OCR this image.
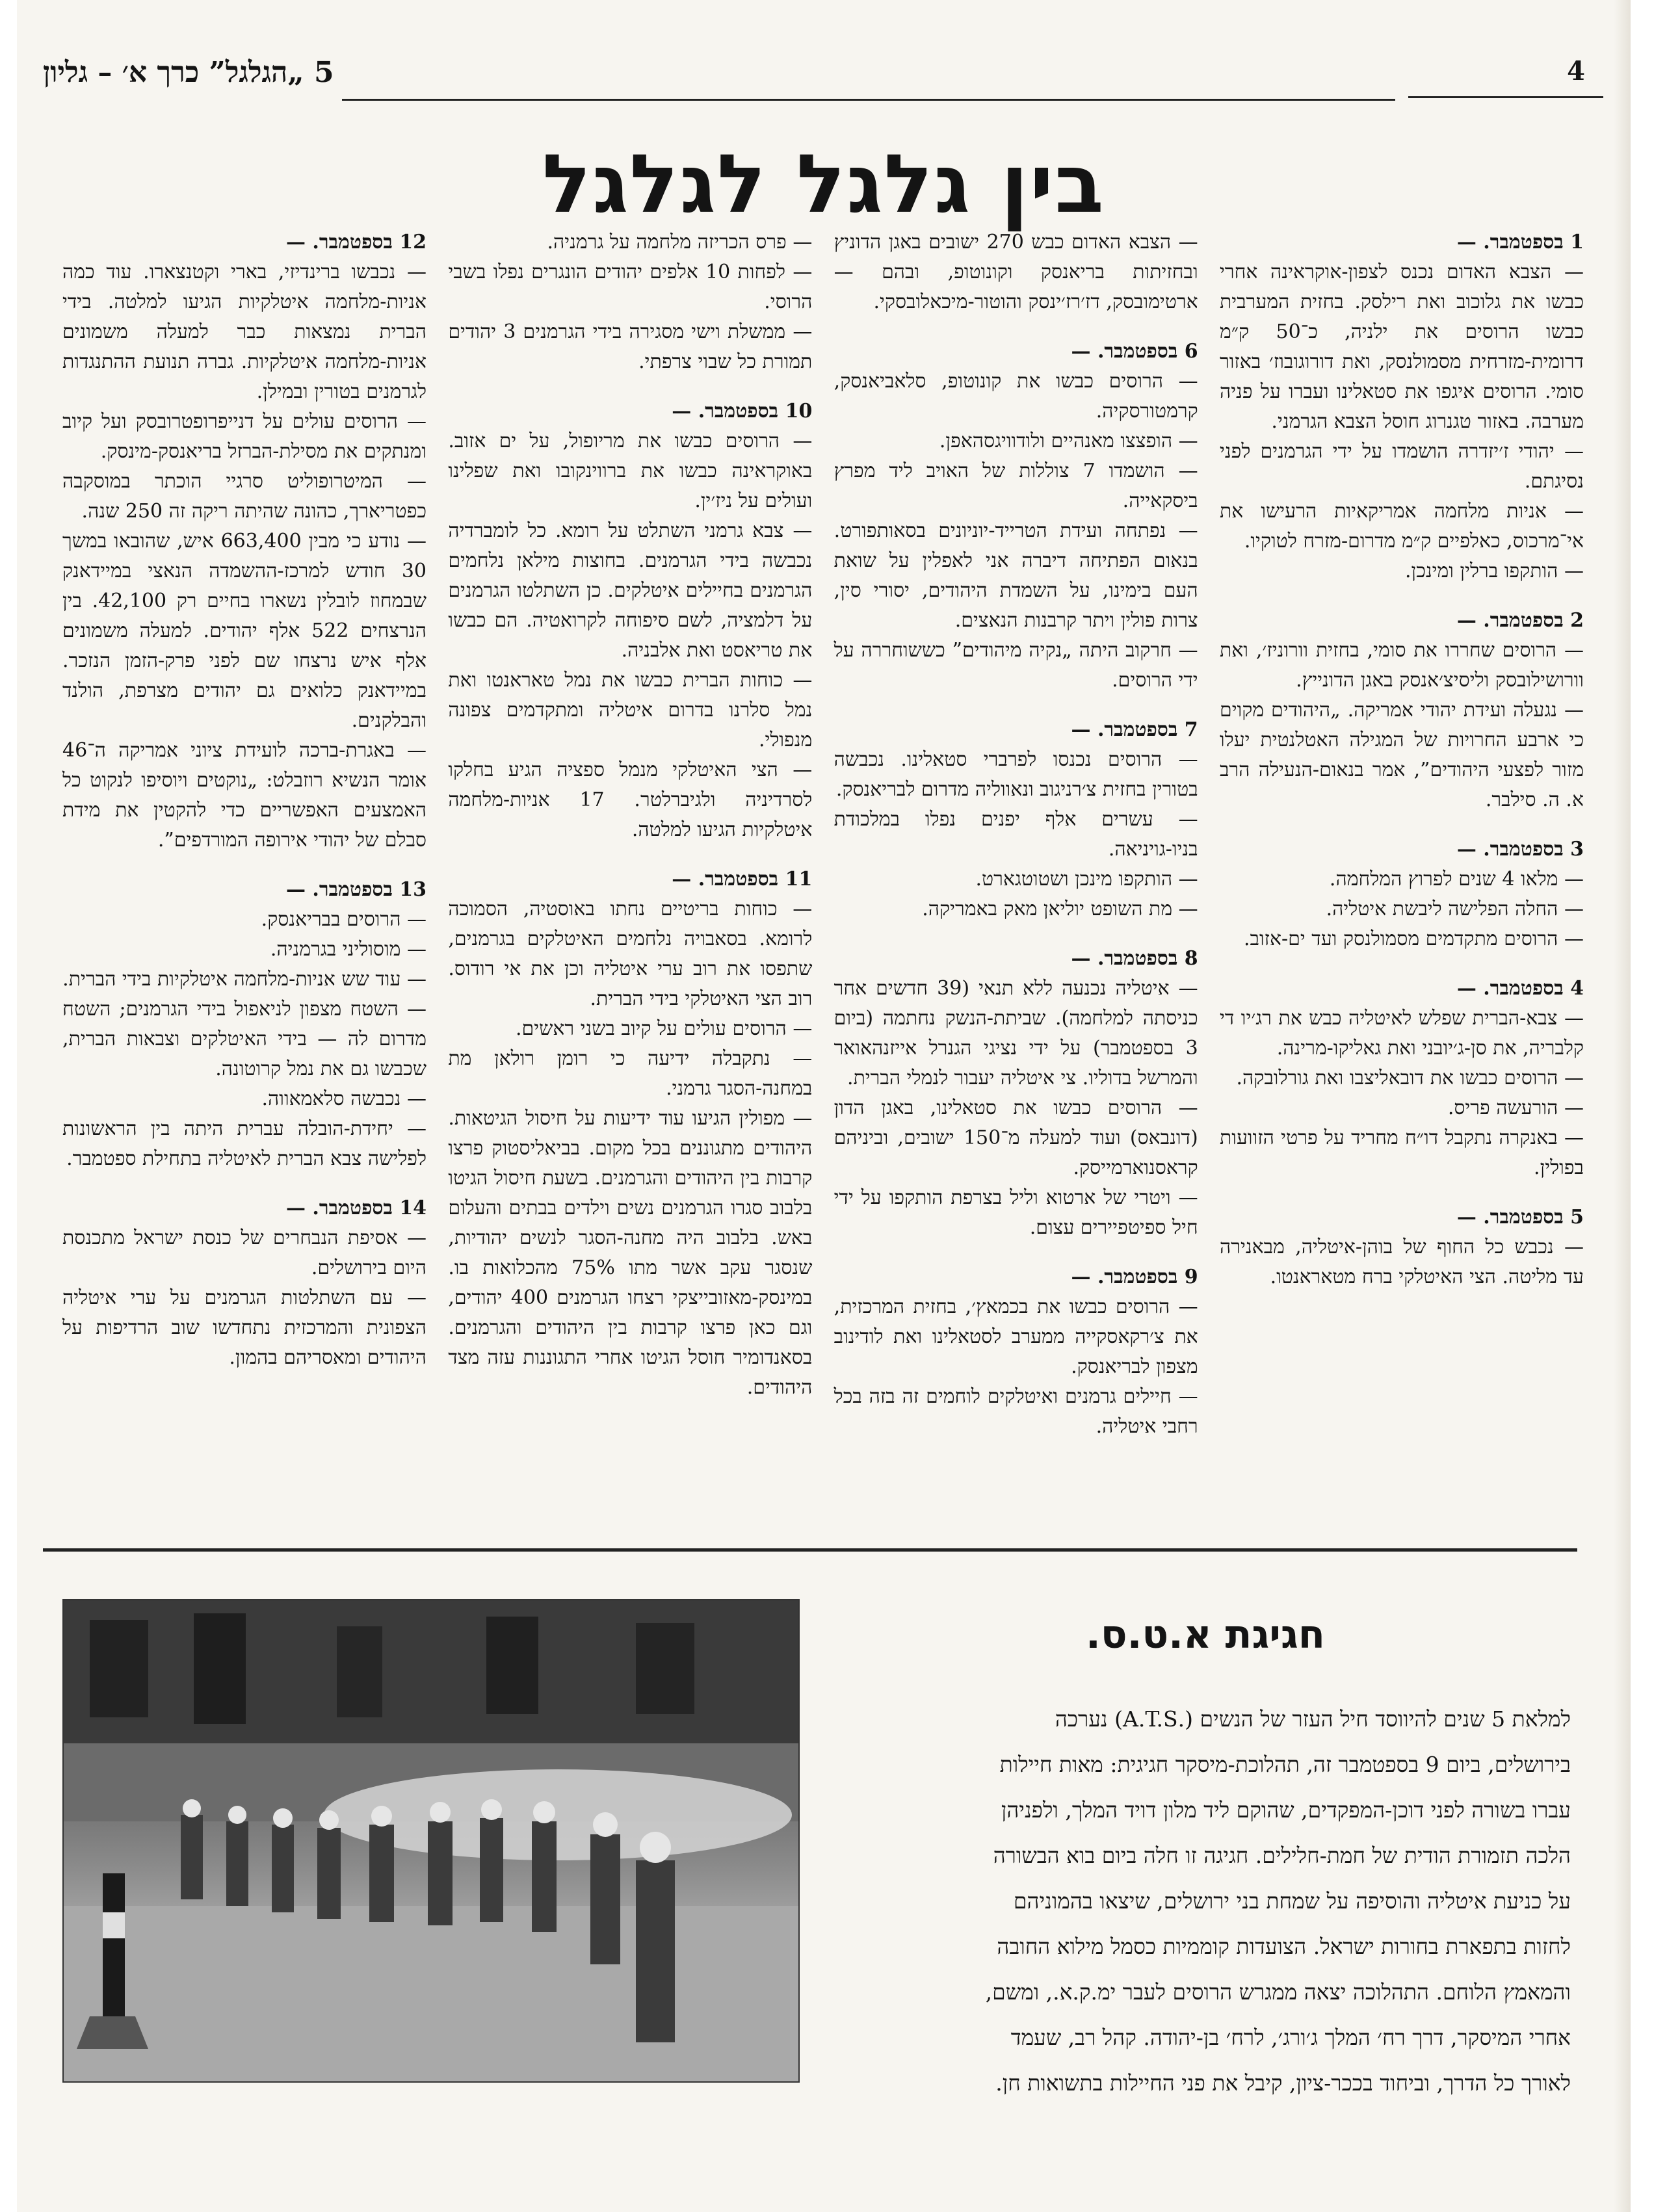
5 „הגלגל” כרך א׳ – גליון	4
בין גלגל לגלגל

1 בספטמבר. —

— הצבא האדום נכנס לצפון-אוקראינה אחרי כבשו את גלוכוב ואת רילסק. בחזית המערבית כבשו הרוסים את ילניה, כ־50 ק״מ דרומית-מזרחית מסמולנסק, ואת דורוגובוז׳ באזור סומי. הרוסים איגפו את סטאלינו ועברו על פניה מערבה. באזור טגנרוג חוסל הצבא הגרמני.

— יהודי ז׳יזדרה הושמדו על ידי הגרמנים לפני נסיגתם.

— אניות מלחמה אמריקאיות הרעישו את אי־מרכוס, כאלפיים ק״מ מדרום-מזרח לטוקיו.

— הותקפו ברלין ומינכן.

2 בספטמבר. —

— הרוסים שחררו את סומי, בחזית וורוניז׳, ואת וורושילובסק וליסיצ׳אנסק באגן הדונייץ.

— נגעלה ועידת יהודי אמריקה. „היהודים מקוים כי ארבע החרויות של המגילה האטלנטית יעלו מזור לפצעי היהודים”, אמר בנאום-הנעילה הרב א. ה. סילבר.

3 בספטמבר. —

— מלאו 4 שנים לפרוץ המלחמה.

— החלה הפלישה ליבשת איטליה.

— הרוסים מתקדמים מסמולנסק ועד ים-אזוב.

4 בספטמבר. —

— צבא-הברית שפלש לאיטליה כבש את רג׳יו די קלבריה, את סן-ג׳יובני ואת גאליקו-מרינה.

— הרוסים כבשו את דובאליצבו ואת גורלובקה.

— הורעשה פריס.

— באנקרה נתקבל דו״ח מחריד על פרטי הזוועות בפולין.

5 בספטמבר. —

— נכבש כל החוף של בוהן-איטליה, מבאנירה עד מליטה. הצי האיטלקי ברח מטאראנטו.

— הצבא האדום כבש 270 ישובים באגן הדוניץ ובחזיתות בריאנסק וקונוטופ, ובהם — ארטימובסק, דז׳רז׳ינסק והוטור-מיכאלובסקי.

6 בספטמבר. —

— הרוסים כבשו את קונוטופ, סלאביאנסק, קרמטורסקיה.

— הופצצו מאנהיים ולודוויגסהאפן.

— הושמדו 7 צוללות של האויב ליד מפרץ ביסקאייה.

— נפתחה ועידת הטרייד-יוניונים בסאותפורט. בנאום הפתיחה דיברה אני לאפלין על שואת העם בימינו, על השמדת היהודים, יסורי סין, צרות פולין ויתר קרבנות הנאצים.

— חרקוב היתה „נקיה מיהודים” כששוחררה על ידי הרוסים.

7 בספטמבר. —

— הרוסים נכנסו לפרברי סטאלינו. נכבשה בטורין בחזית צ׳רניגוב ונאווליה מדרום לבריאנסק.

— עשרים אלף יפנים נפלו במלכודת בניו-גויניאה.

— הותקפו מינכן ושטוטגארט.

— מת השופט יוליאן מאק באמריקה.

8 בספטמבר. —

— איטליה נכנעה ללא תנאי (39 חדשים אחר כניסתה למלחמה). שביתת-הנשק נחתמה (ביום 3 בספטמבר) על ידי נציגי הגנרל אייזנהאואר והמרשל בדוליו. צי איטליה יעבור לנמלי הברית.

— הרוסים כבשו את סטאלינו, באגן הדון (דונבאס) ועוד למעלה מ־150 ישובים, וביניהם קראסנוארמייסק.

— ויטרי של ארטוא וליל בצרפת הותקפו על ידי חיל ספיטפיירים עצום.

9 בספטמבר. —

— הרוסים כבשו את בכמאץ׳, בחזית המרכזית, את צ׳רקאסקייה ממערב לסטאלינו ואת לודינוב מצפון לבריאנסק.

— חיילים גרמנים ואיטלקים לוחמים זה בזה בכל רחבי איטליה.

— פרס הכריזה מלחמה על גרמניה.

— לפחות 10 אלפים יהודים הונגרים נפלו בשבי הרוסי.

— ממשלת וישי מסגירה בידי הגרמנים 3 יהודים תמורת כל שבוי צרפתי.

10 בספטמבר. —

— הרוסים כבשו את מריופול, על ים אזוב. באוקראינה כבשו את ברווינקובו ואת שפלינו ועולים על ניז׳ין.

— צבא גרמני השתלט על רומא. כל לומברדיה נכבשה בידי הגרמנים. בחוצות מילאן נלחמים הגרמנים בחיילים איטלקים. כן השתלטו הגרמנים על דלמציה, לשם סיפוחה לקרואטיה. הם כבשו את טריאסט ואת אלבניה.

— כוחות הברית כבשו את נמל טאראנטו ואת נמל סלרנו בדרום איטליה ומתקדמים צפונה מנפולי.

— הצי האיטלקי מנמל ספציה הגיע בחלקו לסרדיניה ולגיברלטר. 17 אניות-מלחמה איטלקיות הגיעו למלטה.

11 בספטמבר. —

— כוחות בריטיים נחתו באוסטיה, הסמוכה לרומא. בסאבויה נלחמים האיטלקים בגרמנים, שתפסו את רוב ערי איטליה וכן את אי רודוס. רוב הצי האיטלקי בידי הברית.

— הרוסים עולים על קיוב בשני ראשים.

— נתקבלה ידיעה כי רומן רולאן מת במחנה-הסגר גרמני.

— מפולין הגיעו עוד ידיעות על חיסול הגיטאות. היהודים מתגוננים בכל מקום. בביאליסטוק פרצו קרבות בין היהודים והגרמנים. בשעת חיסול הגיטו בלבוב סגרו הגרמנים נשים וילדים בבתים והעלום באש. בלבוב היה מחנה-הסגר לנשים יהודיות, שנסגר עקב אשר מתו 75% מהכלואות בו. במינסק-מאזובייצקי רצחו הגרמנים 400 יהודים, וגם כאן פרצו קרבות בין היהודים והגרמנים. בסאנדומיר חוסל הגיטו אחרי התגוננות עזה מצד היהודים.

12 בספטמבר. —

— נכבשו ברינדיזי, בארי וקטנצארו. עוד כמה אניות-מלחמה איטלקיות הגיעו למלטה. בידי הברית נמצאות כבר למעלה משמונים אניות-מלחמה איטלקיות. גברה תנועת ההתנגדות לגרמנים בטורין ובמילן.

— הרוסים עולים על דנייפרופטרובסק ועל קיוב ומנתקים את מסילת-הברזל בריאנסק-מינסק.

— המיטרופוליט סרגיי הוכתר במוסקבה כפטריארך, כהונה שהיתה ריקה זה 250 שנה.

— נודע כי מבין 663,400 איש, שהובאו במשך 30 חודש למרכז-ההשמדה הנאצי במיידאנק שבמחוז לובלין נשארו בחיים רק 42,100. בין הנרצחים 522 אלף יהודים. למעלה משמונים אלף איש נרצחו שם לפני פרק-הזמן הנזכר. במיידאנק כלואים גם יהודים מצרפת, הולנד והבלקנים.

— באגרת-ברכה לועידת ציוני אמריקה ה־46 אומר הנשיא רוזבלט: „נוקטים ויוסיפו לנקוט כל האמצעים האפשריים כדי להקטין את מידת סבלם של יהודי אירופה המורדפים”.

13 בספטמבר. —

— הרוסים בבריאנסק.

— מוסוליני בגרמניה.

— עוד שש אניות-מלחמה איטלקיות בידי הברית.

— השטח מצפון לניאפול בידי הגרמנים; השטח מדרום לה — בידי האיטלקים וצבאות הברית, שכבשו גם את נמל קרוטונה.

— נכבשה סלאמאווה.

— יחידת-הובלה עברית היתה בין הראשונות לפלישה צבא הברית לאיטליה בתחילת ספטמבר.

14 בספטמבר. —

— אסיפת הנבחרים של כנסת ישראל מתכנסת היום בירושלים.

— עם השתלטות הגרמנים על ערי איטליה הצפונית והמרכזית נתחדשו שוב הרדיפות על היהודים ומאסריהם בהמון.

חגיגת א.ט.ס.
למלאת 5 שנים להיווסד חיל העזר של הנשים (.A.T.S) נערכה
בירושלים, ביום 9 בספטמבר זה, תהלוכת-מיסקר חגיגית: מאות חיילות
עברו בשורה לפני דוכן-המפקדים, שהוקם ליד מלון דויד המלך, ולפניהן
הלכה תזמורת הודית של חמת-חלילים. חגיגה זו חלה ביום בוא הבשורה
על כניעת איטליה והוסיפה על שמחת בני ירושלים, שיצאו בהמוניהם
לחזות בתפארת בחורות ישראל. הצועדות קוממיות כסמל מילוא החובה
והמאמץ הלוחם. התהלוכה יצאה ממגרש הרוסים לעבר ימ.ק.א., ומשם,
אחרי המיסקר, דרך רח׳ המלך ג׳ורג׳, לרח׳ בן-יהודה. קהל רב, שעמד
לאורך כל הדרך, וביחוד בככר-ציון, קיבל את פני החיילות בתשואות חן.
